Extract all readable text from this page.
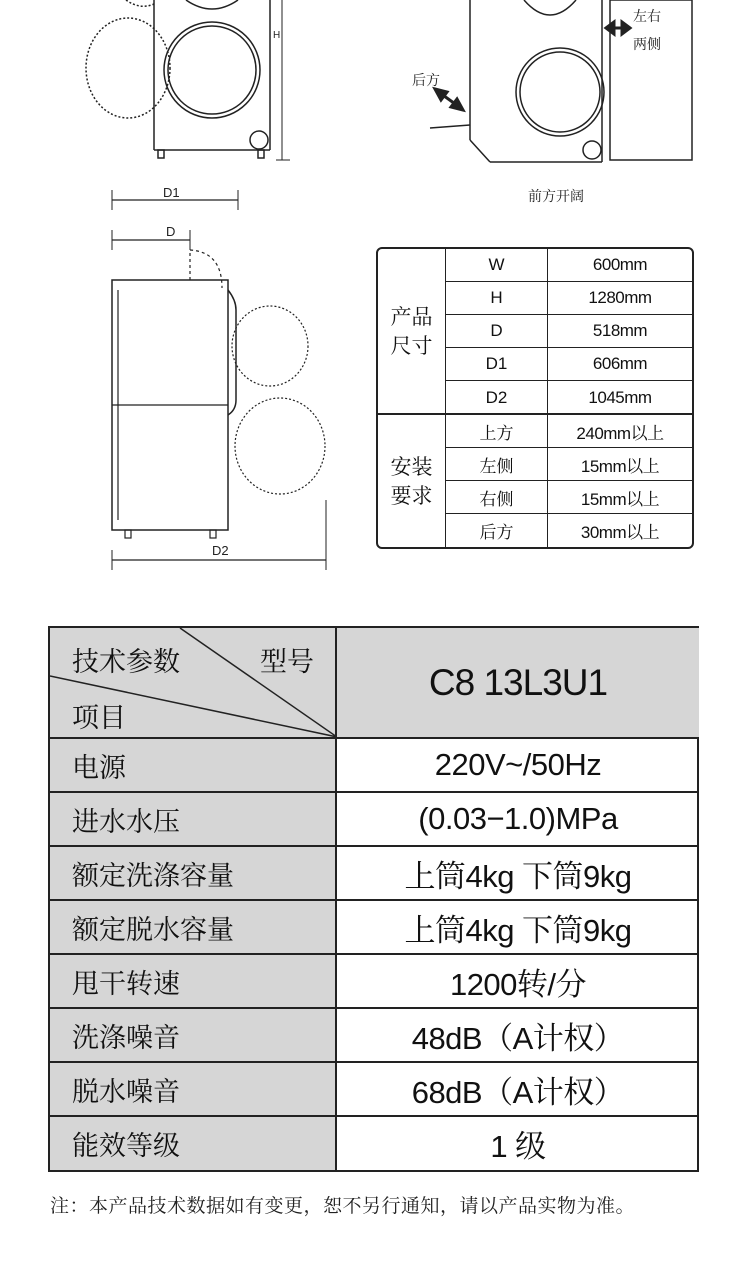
H
D1
D
D2
左右
两侧
后方
前方开阔
产品
尺寸
安装
要求
W	600mm
H	1280mm
D	518mm
D1	606mm
D2	1045mm
上方	240mm以上
左侧	15mm以上
右侧	15mm以上
后方	30mm以上
技术参数	型号
项目
C8 13L3U1
电源	220V~/50Hz
进水水压	(0.03−1.0)MPa
额定洗涤容量	上筒4kg 下筒9kg
额定脱水容量	上筒4kg 下筒9kg
甩干转速	1200转/分
洗涤噪音	48dB（A计权）
脱水噪音	68dB（A计权）
能效等级	1 级
注：本产品技术数据如有变更，恕不另行通知，请以产品实物为准。
